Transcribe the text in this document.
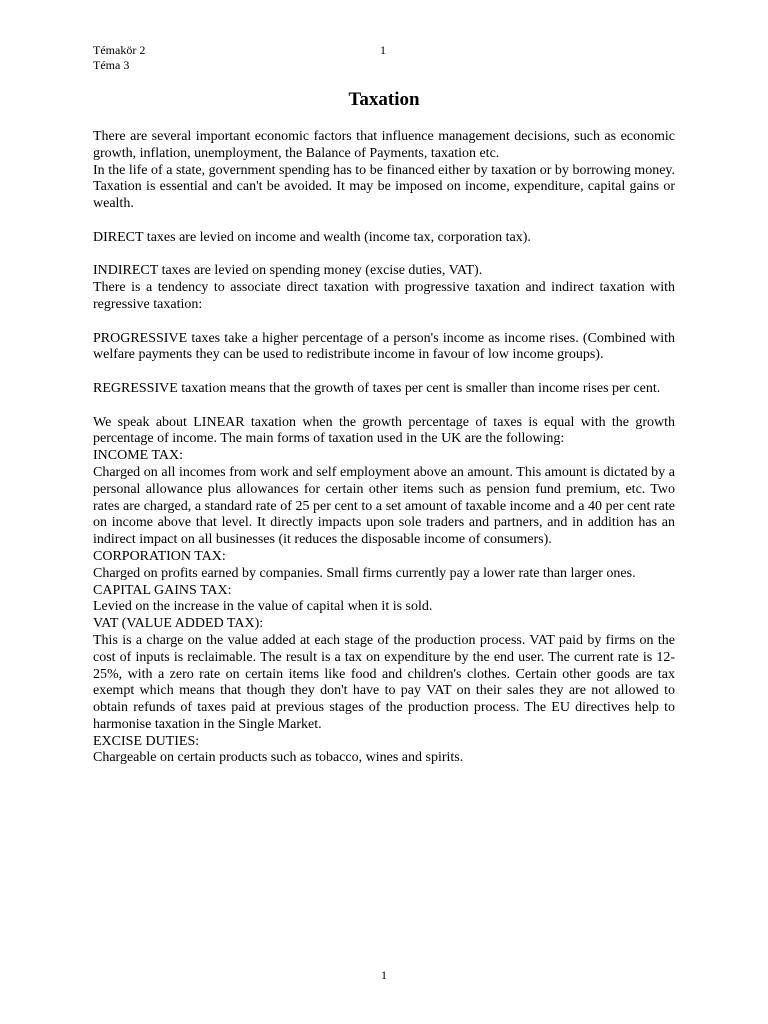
Témakör 2
Téma 3
1
Taxation

There are several important economic factors that influence management decisions, such as economic growth, inflation, unemployment, the Balance of Payments, taxation etc.

In the life of a state, government spending has to be financed either by taxation or by borrowing money. Taxation is essential and can't be avoided. It may be imposed on income, expenditure, capital gains or wealth.

DIRECT taxes are levied on income and wealth (income tax, corporation tax).

INDIRECT taxes are levied on spending money (excise duties, VAT).

There is a tendency to associate direct taxation with progressive taxation and indirect taxation with regressive taxation:

PROGRESSIVE taxes take a higher percentage of a person's income as income rises. (Combined with welfare payments they can be used to redistribute income in favour of low income groups).

REGRESSIVE taxation means that the growth of taxes per cent is smaller than income rises per cent.

We speak about LINEAR taxation when the growth percentage of taxes is equal with the growth percentage of income. The main forms of taxation used in the UK are the following:

INCOME TAX:

Charged on all incomes from work and self employment above an amount. This amount is dictated by a personal allowance plus allowances for certain other items such as pension fund premium, etc. Two rates are charged, a standard rate of 25 per cent to a set amount of taxable income and a 40 per cent rate on income above that level. It directly impacts upon sole traders and partners, and in addition has an indirect impact on all businesses (it reduces the disposable income of consumers).

CORPORATION TAX:

Charged on profits earned by companies. Small firms currently pay a lower rate than larger ones.

CAPITAL GAINS TAX:

Levied on the increase in the value of capital when it is sold.

VAT (VALUE ADDED TAX):

This is a charge on the value added at each stage of the production process. VAT paid by firms on the cost of inputs is reclaimable. The result is a tax on expenditure by the end user. The current rate is 12-25%, with a zero rate on certain items like food and children's clothes. Certain other goods are tax exempt which means that though they don't have to pay VAT on their sales they are not allowed to obtain refunds of taxes paid at previous stages of the production process. The EU directives help to harmonise taxation in the Single Market.

EXCISE DUTIES:

Chargeable on certain products such as tobacco, wines and spirits.

1
